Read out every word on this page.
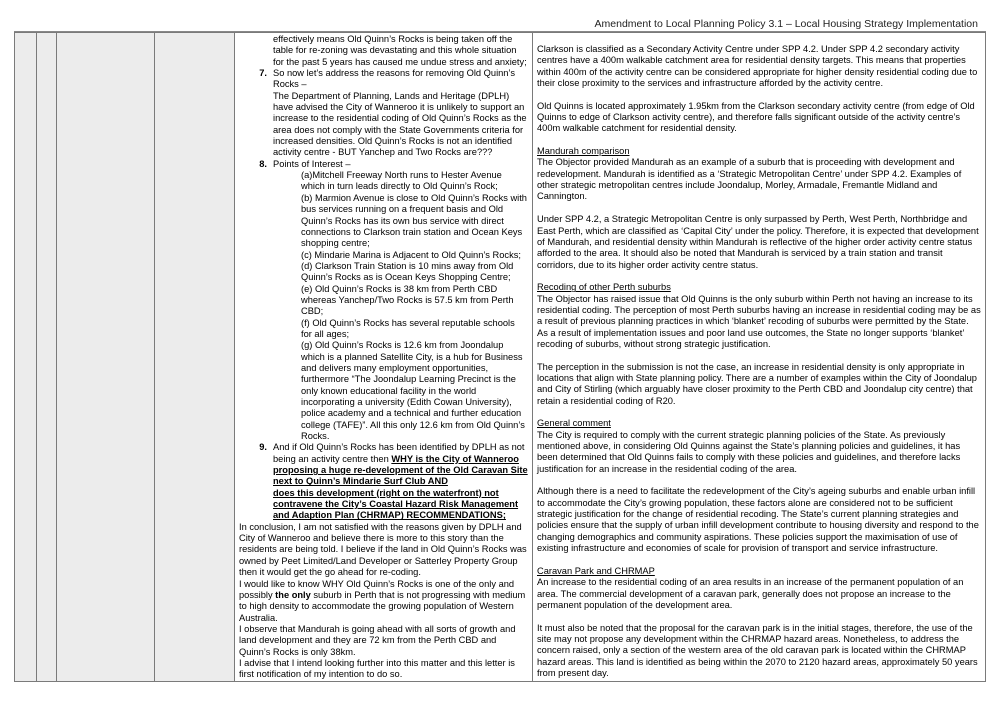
Amendment to Local Planning Policy 3.1 – Local Housing Strategy Implementation

effectively means Old Quinn’s Rocks is being taken off the table for re-zoning was devastating and this whole situation for the past 5 years has caused me undue stress and anxiety;
7. So now let’s address the reasons for removing Old Quinn’s Rocks –
The Department of Planning, Lands and Heritage (DPLH) have advised the City of Wanneroo it is unlikely to support an increase to the residential coding of Old Quinn’s Rocks as the area does not comply with the State Governments criteria for increased densities. Old Quinn’s Rocks is not an identified activity centre - BUT Yanchep and Two Rocks are???
8. Points of Interest –
(a)Mitchell Freeway North runs to Hester Avenue which in turn leads directly to Old Quinn’s Rock;
(b) Marmion Avenue is close to Old Quinn’s Rocks with bus services running on a frequent basis and Old Quinn’s Rocks has its own bus service with direct connections to Clarkson train station and Ocean Keys shopping centre;
(c) Mindarie Marina is Adjacent to Old Quinn’s Rocks;
(d) Clarkson Train Station is 10 mins away from Old Quinn’s Rocks as is Ocean Keys Shopping Centre;
(e) Old Quinn’s Rocks is 38 km from Perth CBD whereas Yanchep/Two Rocks is 57.5 km from Perth CBD;
(f) Old Quinn’s Rocks has several reputable schools for all ages;
(g) Old Quinn’s Rocks is 12.6 km from Joondalup which is a planned Satellite City, is a hub for Business and delivers many employment opportunities, furthermore “The Joondalup Learning Precinct is the only known educational facility in the world incorporating a university (Edith Cowan University), police academy and a technical and further education college (TAFE)”. All this only 12.6 km from Old Quinn’s Rocks.
9. And if Old Quinn’s Rocks has been identified by DPLH as not being an activity centre then WHY is the City of Wanneroo proposing a huge re-development of the Old Caravan Site next to Quinn’s Mindarie Surf Club AND
does this development (right on the waterfront) not contravene the City’s Coastal Hazard Risk Management and Adaption Plan (CHRMAP) RECOMMENDATIONS;

In conclusion, I am not satisfied with the reasons given by DPLH and City of Wanneroo and believe there is more to this story than the residents are being told. I believe if the land in Old Quinn’s Rocks was owned by Peet Limited/Land Developer or Satterley Property Group then it would get the go ahead for re-coding.

I would like to know WHY Old Quinn’s Rocks is one of the only and possibly the only suburb in Perth that is not progressing with medium to high density to accommodate the growing population of Western Australia.

I observe that Mandurah is going ahead with all sorts of growth and land development and they are 72 km from the Perth CBD and Quinn’s Rocks is only 38km.

I advise that I intend looking further into this matter and this letter is first notification of my intention to do so.

Clarkson is classified as a Secondary Activity Centre under SPP 4.2. Under SPP 4.2 secondary activity centres have a 400m walkable catchment area for residential density targets. This means that properties within 400m of the activity centre can be considered appropriate for higher density residential coding due to their close proximity to the services and infrastructure afforded by the activity centre.

Old Quinns is located approximately 1.95km from the Clarkson secondary activity centre (from edge of Old Quinns to edge of Clarkson activity centre), and therefore falls significant outside of the activity centre’s 400m walkable catchment for residential density.

Mandurah comparison

The Objector provided Mandurah as an example of a suburb that is proceeding with development and redevelopment. Mandurah is identified as a ‘Strategic Metropolitan Centre’ under SPP 4.2. Examples of other strategic metropolitan centres include Joondalup, Morley, Armadale, Fremantle Midland and Cannington.

Under SPP 4.2, a Strategic Metropolitan Centre is only surpassed by Perth, West Perth, Northbridge and East Perth, which are classified as ‘Capital City’ under the policy. Therefore, it is expected that development of Mandurah, and residential density within Mandurah is reflective of the higher order activity centre status afforded to the area. It should also be noted that Mandurah is serviced by a train station and transit corridors, due to its higher order activity centre status.

Recoding of other Perth suburbs

The Objector has raised issue that Old Quinns is the only suburb within Perth not having an increase to its residential coding. The perception of most Perth suburbs having an increase in residential coding may be as a result of previous planning practices in which ‘blanket’ recoding of suburbs were permitted by the State. As a result of implementation issues and poor land use outcomes, the State no longer supports ‘blanket’ recoding of suburbs, without strong strategic justification.

The perception in the submission is not the case, an increase in residential density is only appropriate in locations that align with State planning policy. There are a number of examples within the City of Joondalup and City of Stirling (which arguably have closer proximity to the Perth CBD and Joondalup city centre) that retain a residential coding of R20.

General comment

The City is required to comply with the current strategic planning policies of the State. As previously mentioned above, in considering Old Quinns against the State’s planning policies and guidelines, it has been determined that Old Quinns fails to comply with these policies and guidelines, and therefore lacks justification for an increase in the residential coding of the area.

Although there is a need to facilitate the redevelopment of the City’s ageing suburbs and enable urban infill to accommodate the City’s growing population, these factors alone are considered not to be sufficient strategic justification for the change of residential recoding. The State’s current planning strategies and policies ensure that the supply of urban infill development contribute to housing diversity and respond to the changing demographics and community aspirations. These policies support the maximisation of use of existing infrastructure and economies of scale for provision of transport and service infrastructure.

Caravan Park and CHRMAP

An increase to the residential coding of an area results in an increase of the permanent population of an area. The commercial development of a caravan park, generally does not propose an increase to the permanent population of the development area.

It must also be noted that the proposal for the caravan park is in the initial stages, therefore, the use of the site may not propose any development within the CHRMAP hazard areas. Nonetheless, to address the concern raised, only a section of the western area of the old caravan park is located within the CHRMAP hazard areas. This land is identified as being within the 2070 to 2120 hazard areas, approximately 50 years from present day.
